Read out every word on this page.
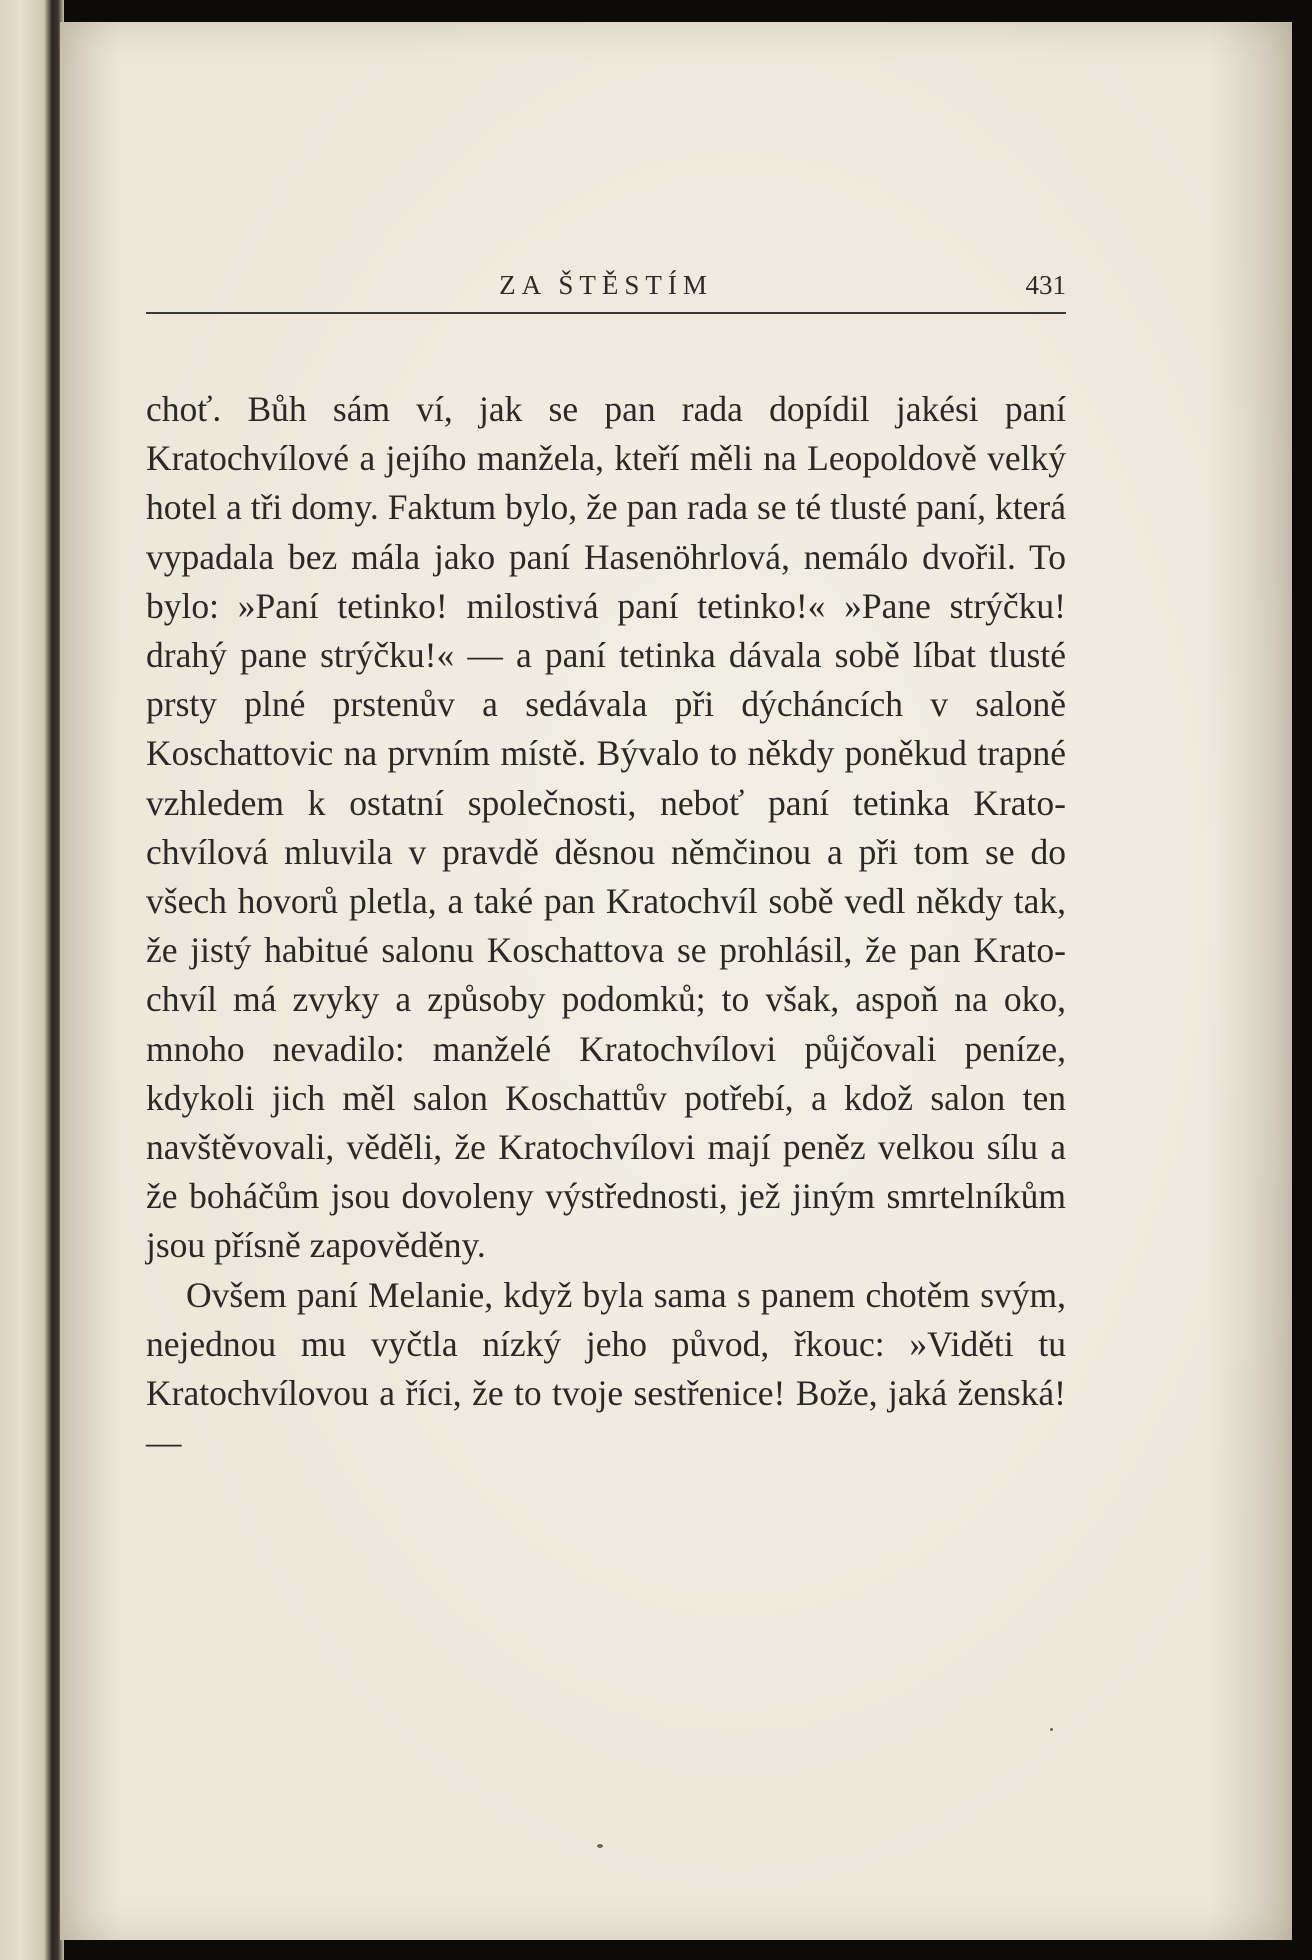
ZA ŠTĚSTÍM	431

choť. Bůh sám ví, jak se pan rada dopídil jakési paní Kratochvílové a jejího manžela, kteří měli na Leopoldově velký hotel a tři domy. Faktum bylo, že pan rada se té tlusté paní, která vypadala bez mála jako paní Hasenöhrlová, nemálo dvořil. To bylo: »Paní tetinko! milostivá paní tetinko!« »Pane strýčku! drahý pane strýčku!« — a paní tetinka dávala sobě líbat tlusté prsty plné prstenův a sedávala při dýcháncích v saloně Koschattovic na prvním místě. Bývalo to někdy poněkud trapné vzhledem k ostatní společnosti, neboť paní tetinka Kratochvílová mluvila v pravdě děsnou němčinou a při tom se do všech hovorů pletla, a také pan Kratochvíl sobě vedl někdy tak, že jistý habitué salonu Koschattova se prohlásil, že pan Kratochvíl má zvyky a způsoby podomků; to však, aspoň na oko, mnoho nevadilo: manželé Kratochvílovi půjčovali peníze, kdykoli jich měl salon Koschattův potřebí, a kdož salon ten navštěvovali, věděli, že Kratochvílovi mají peněz velkou sílu a že boháčům jsou dovoleny výstřednosti, jež jiným smrtelníkům jsou přísně zapověděny.

Ovšem paní Melanie, když byla sama s panem chotěm svým, nejednou mu vyčtla nízký jeho původ, řkouc: »Viděti tu Kratochvílovou a říci, že to tvoje sestřenice! Bože, jaká ženská! —
